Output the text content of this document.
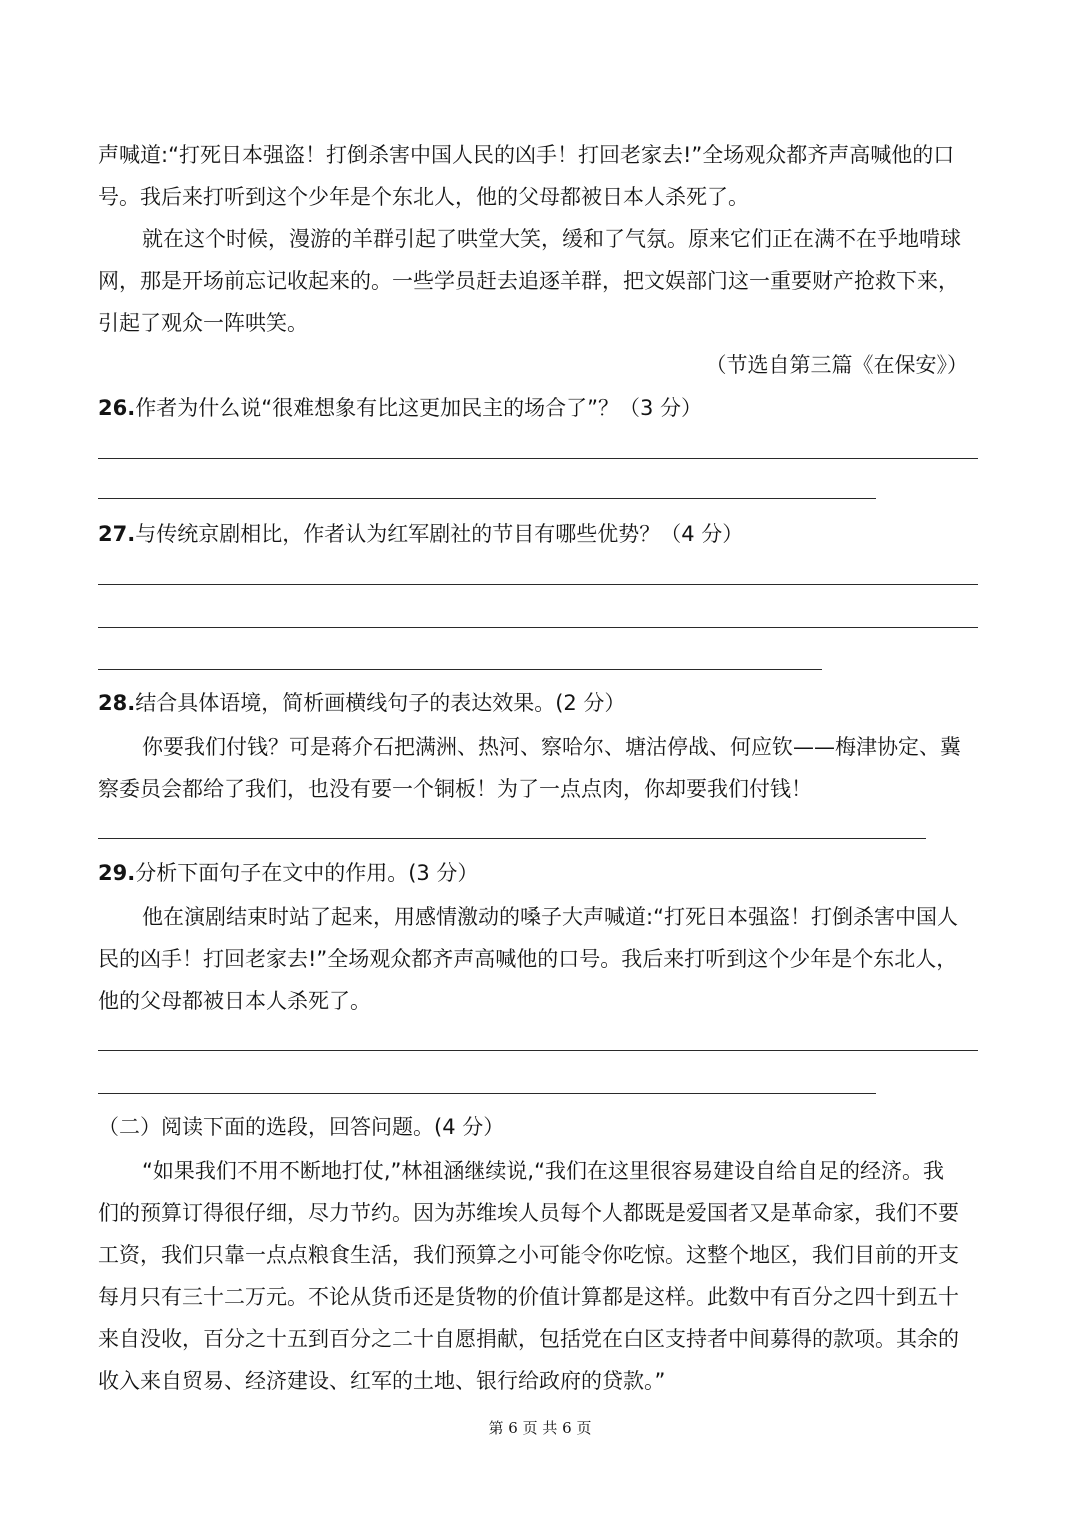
声喊道:“打死日本强盗！打倒杀害中国人民的凶手！打回老家去!”全场观众都齐声高喊他的口
号。我后来打听到这个少年是个东北人，他的父母都被日本人杀死了。
就在这个时候，漫游的羊群引起了哄堂大笑，缓和了气氛。原来它们正在满不在乎地啃球
网，那是开场前忘记收起来的。一些学员赶去追逐羊群，把文娱部门这一重要财产抢救下来，
引起了观众一阵哄笑。
（节选自第三篇《在保安》）
26.作者为什么说“很难想象有比这更加民主的场合了”？（3 分）
27.与传统京剧相比，作者认为红军剧社的节目有哪些优势？（4 分）
28.结合具体语境，简析画横线句子的表达效果。(2 分）
你要我们付钱？可是蒋介石把满洲、热河、察哈尔、塘沽停战、何应钦——梅津协定、冀
察委员会都给了我们，也没有要一个铜板！为了一点点肉，你却要我们付钱！
29.分析下面句子在文中的作用。(3 分）
他在演剧结束时站了起来，用感情激动的嗓子大声喊道:“打死日本强盗！打倒杀害中国人
民的凶手！打回老家去!”全场观众都齐声高喊他的口号。我后来打听到这个少年是个东北人，
他的父母都被日本人杀死了。
（二）阅读下面的选段，回答问题。(4 分）
“如果我们不用不断地打仗,”林祖涵继续说,“我们在这里很容易建设自给自足的经济。我
们的预算订得很仔细，尽力节约。因为苏维埃人员每个人都既是爱国者又是革命家，我们不要
工资，我们只靠一点点粮食生活，我们预算之小可能令你吃惊。这整个地区，我们目前的开支
每月只有三十二万元。不论从货币还是货物的价值计算都是这样。此数中有百分之四十到五十
来自没收，百分之十五到百分之二十自愿捐献，包括党在白区支持者中间募得的款项。其余的
收入来自贸易、经济建设、红军的土地、银行给政府的贷款。”
第 6 页 共 6 页
